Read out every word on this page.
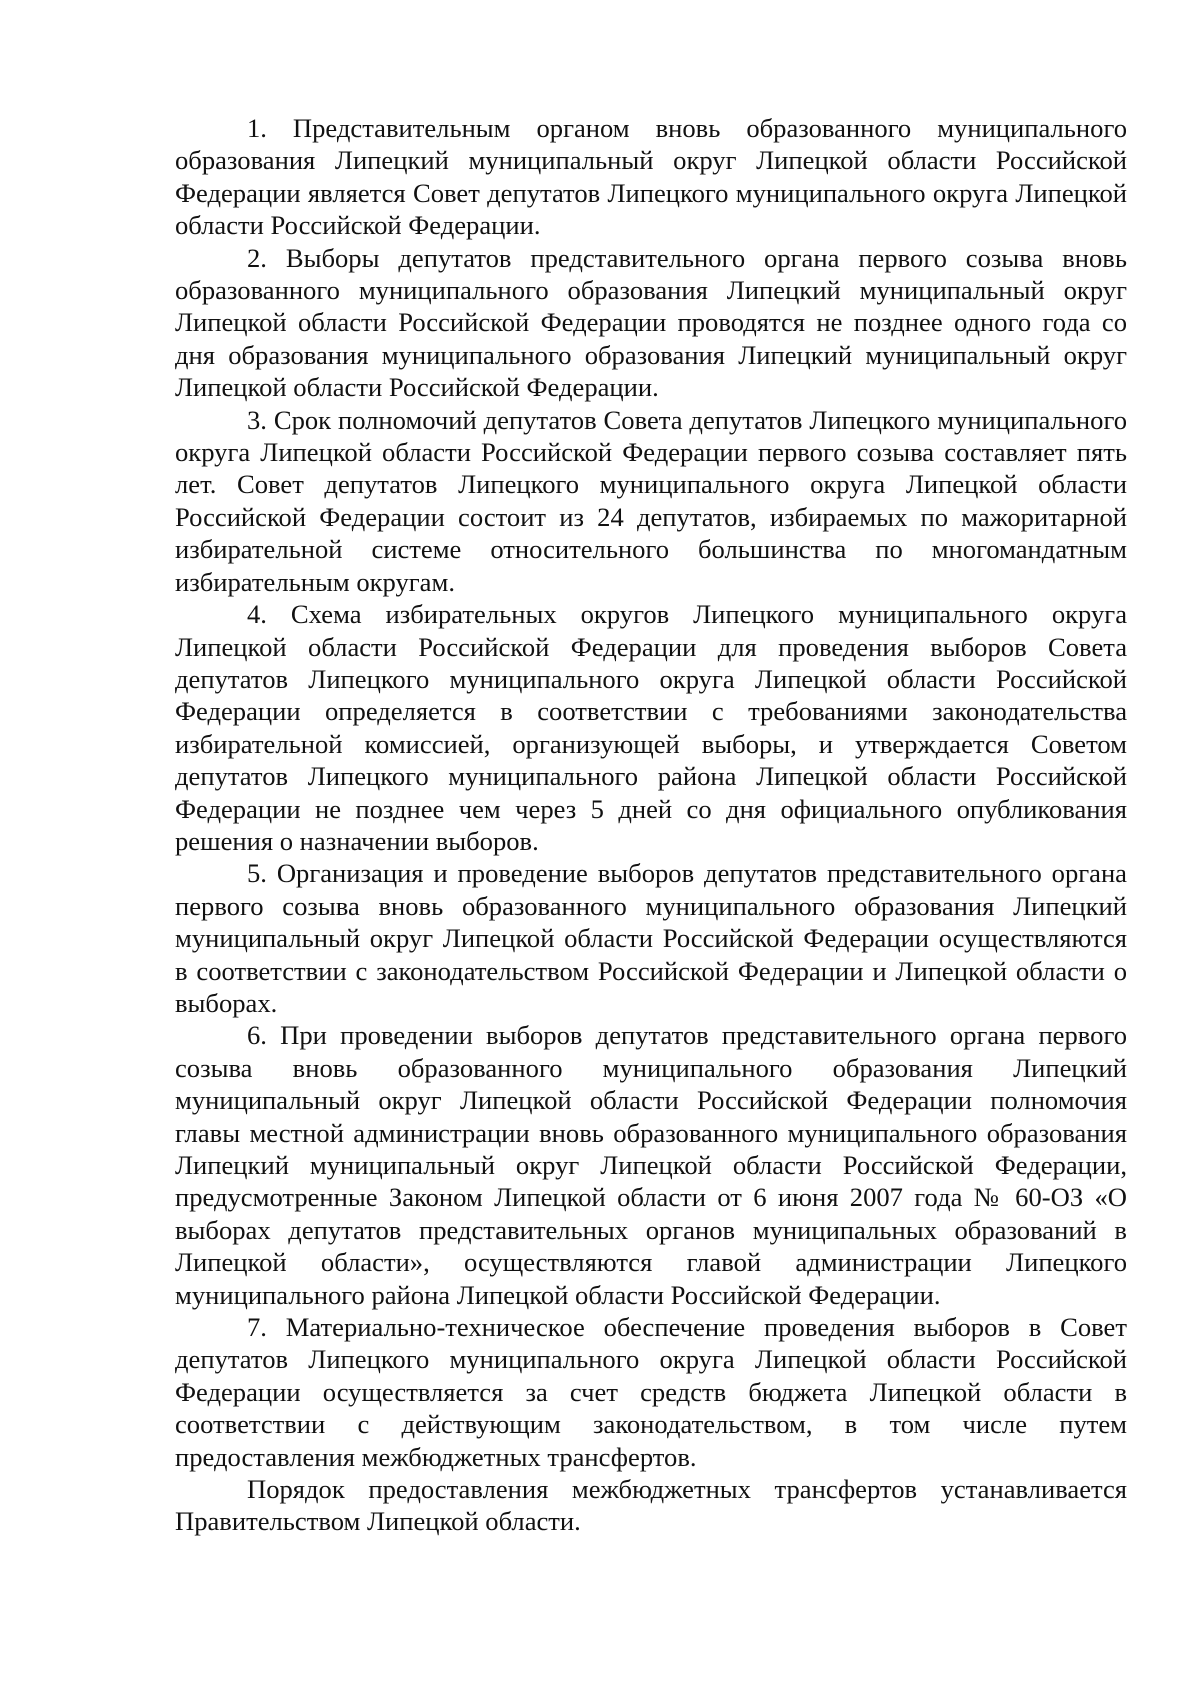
1. Представительным органом вновь образованного муниципального образования Липецкий муниципальный округ Липецкой области Российской Федерации является Совет депутатов Липецкого муниципального округа Липецкой области Российской Федерации.

2. Выборы депутатов представительного органа первого созыва вновь образованного муниципального образования Липецкий муниципальный округ Липецкой области Российской Федерации проводятся не позднее одного года со дня образования муниципального образования Липецкий муниципальный округ Липецкой области Российской Федерации.

3. Срок полномочий депутатов Совета депутатов Липецкого муниципального округа Липецкой области Российской Федерации первого созыва составляет пять лет. Совет депутатов Липецкого муниципального округа Липецкой области Российской Федерации состоит из 24 депутатов, избираемых по мажоритарной избирательной системе относительного большинства по многомандатным избирательным округам.

4. Схема избирательных округов Липецкого муниципального округа Липецкой области Российской Федерации для проведения выборов Совета депутатов Липецкого муниципального округа Липецкой области Российской Федерации определяется в соответствии с требованиями законодательства избирательной комиссией, организующей выборы, и утверждается Советом депутатов Липецкого муниципального района Липецкой области Российской Федерации не позднее чем через 5 дней со дня официального опубликования решения о назначении выборов.

5. Организация и проведение выборов депутатов представительного органа первого созыва вновь образованного муниципального образования Липецкий муниципальный округ Липецкой области Российской Федерации осуществляются в соответствии с законодательством Российской Федерации и Липецкой области о выборах.

6. При проведении выборов депутатов представительного органа первого созыва вновь образованного муниципального образования Липецкий муниципальный округ Липецкой области Российской Федерации полномочия главы местной администрации вновь образованного муниципального образования Липецкий муниципальный округ Липецкой области Российской Федерации, предусмотренные Законом Липецкой области от 6 июня 2007 года № 60-ОЗ «О выборах депутатов представительных органов муниципальных образований в Липецкой области», осуществляются главой администрации Липецкого муниципального района Липецкой области Российской Федерации.

7. Материально-техническое обеспечение проведения выборов в Совет депутатов Липецкого муниципального округа Липецкой области Российской Федерации осуществляется за счет средств бюджета Липецкой области в соответствии с действующим законодательством, в том числе путем предоставления межбюджетных трансфертов.

Порядок предоставления межбюджетных трансфертов устанавливается Правительством Липецкой области.
